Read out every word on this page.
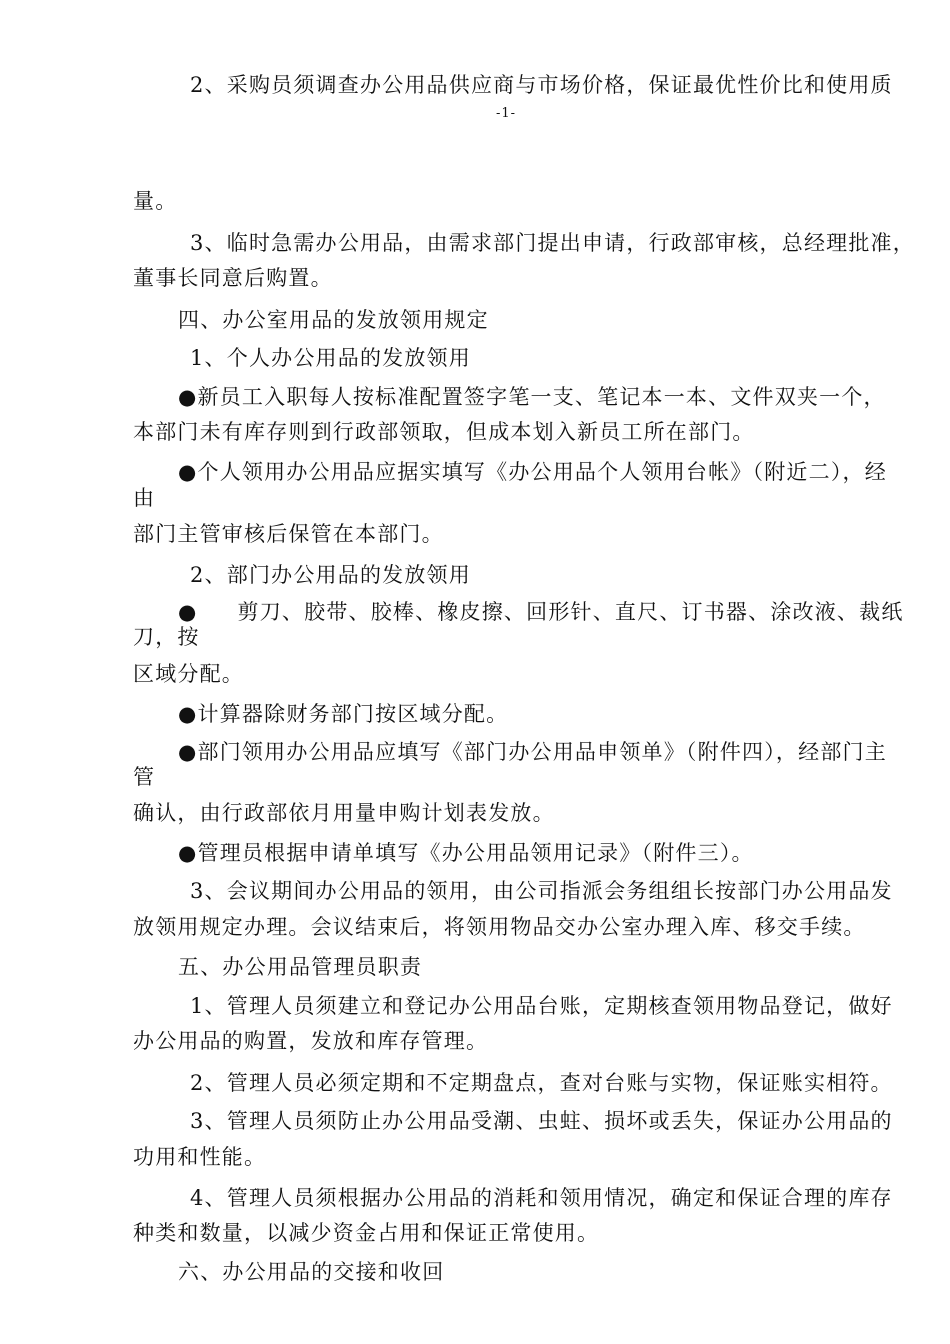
2、采购员须调查办公用品供应商与市场价格，保证最优性价比和使用质
-1-
量。
3、临时急需办公用品，由需求部门提出申请，行政部审核，总经理批准，
董事长同意后购置。
四、办公室用品的发放领用规定
1、个人办公用品的发放领用
●新员工入职每人按标准配置签字笔一支、笔记本一本、文件双夹一个，
本部门未有库存则到行政部领取，但成本划入新员工所在部门。
●个人领用办公用品应据实填写《办公用品个人领用台帐》（附近二），经
由
部门主管审核后保管在本部门。
2、部门办公用品的发放领用
● 剪刀、胶带、胶棒、橡皮擦、回形针、直尺、订书器、涂改液、裁纸
刀，按
区域分配。
●计算器除财务部门按区域分配。
●部门领用办公用品应填写《部门办公用品申领单》（附件四），经部门主
管
确认，由行政部依月用量申购计划表发放。
●管理员根据申请单填写《办公用品领用记录》（附件三）。
3、会议期间办公用品的领用，由公司指派会务组组长按部门办公用品发
放领用规定办理。会议结束后，将领用物品交办公室办理入库、移交手续。
五、办公用品管理员职责
1、管理人员须建立和登记办公用品台账，定期核查领用物品登记，做好
办公用品的购置，发放和库存管理。
2、管理人员必须定期和不定期盘点，查对台账与实物，保证账实相符。
3、管理人员须防止办公用品受潮、虫蛀、损坏或丢失，保证办公用品的
功用和性能。
4、管理人员须根据办公用品的消耗和领用情况，确定和保证合理的库存
种类和数量，以减少资金占用和保证正常使用。
六、办公用品的交接和收回
